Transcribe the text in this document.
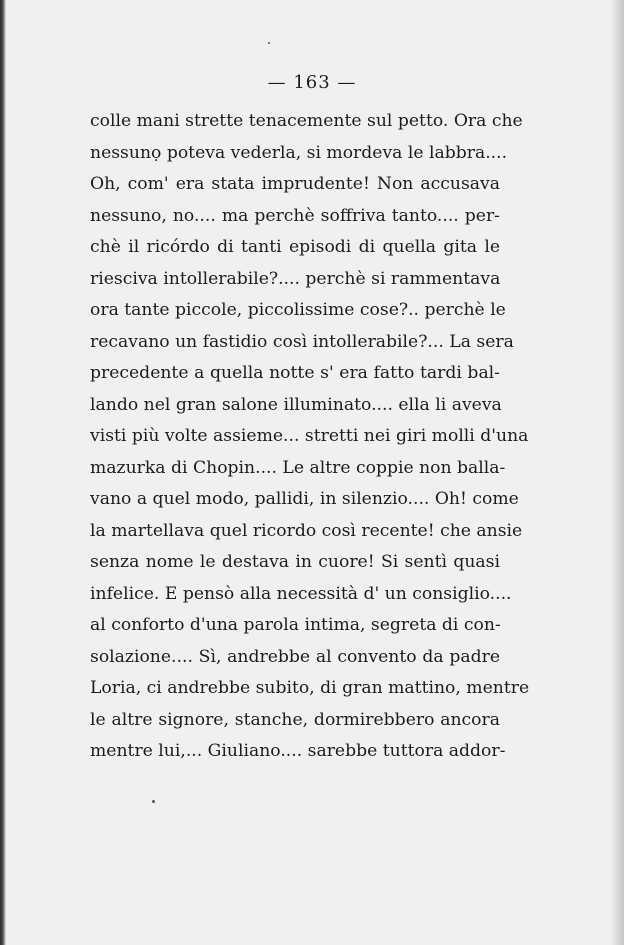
— 163 —
colle mani strette tenacemente sul petto. Ora che
nessunọ poteva vederla, si mordeva le labbra....
Oh, com' era stata imprudente! Non accusava
nessuno, no.... ma perchè soffriva tanto.... per-
chè il ricórdo di tanti episodi di quella gita le
riesciva intollerabile?.... perchè si rammentava
ora tante piccole, piccolissime cose?.. perchè le
recavano un fastidio così intollerabile?... La sera
precedente a quella notte s' era fatto tardi bal-
lando nel gran salone illuminato.... ella li aveva
visti più volte assieme... stretti nei giri molli d'una
mazurka di Chopin.... Le altre coppie non balla-
vano a quel modo, pallidi, in silenzio.... Oh! come
la martellava quel ricordo così recente! che ansie
senza nome le destava in cuore! Si sentì quasi
infelice. E pensò alla necessità d' un consiglio....
al conforto d'una parola intima, segreta di con-
solazione.... Sì, andrebbe al convento da padre
Loria, ci andrebbe subito, di gran mattino, mentre
le altre signore, stanche, dormirebbero ancora
mentre lui,... Giuliano.... sarebbe tuttora addor-
